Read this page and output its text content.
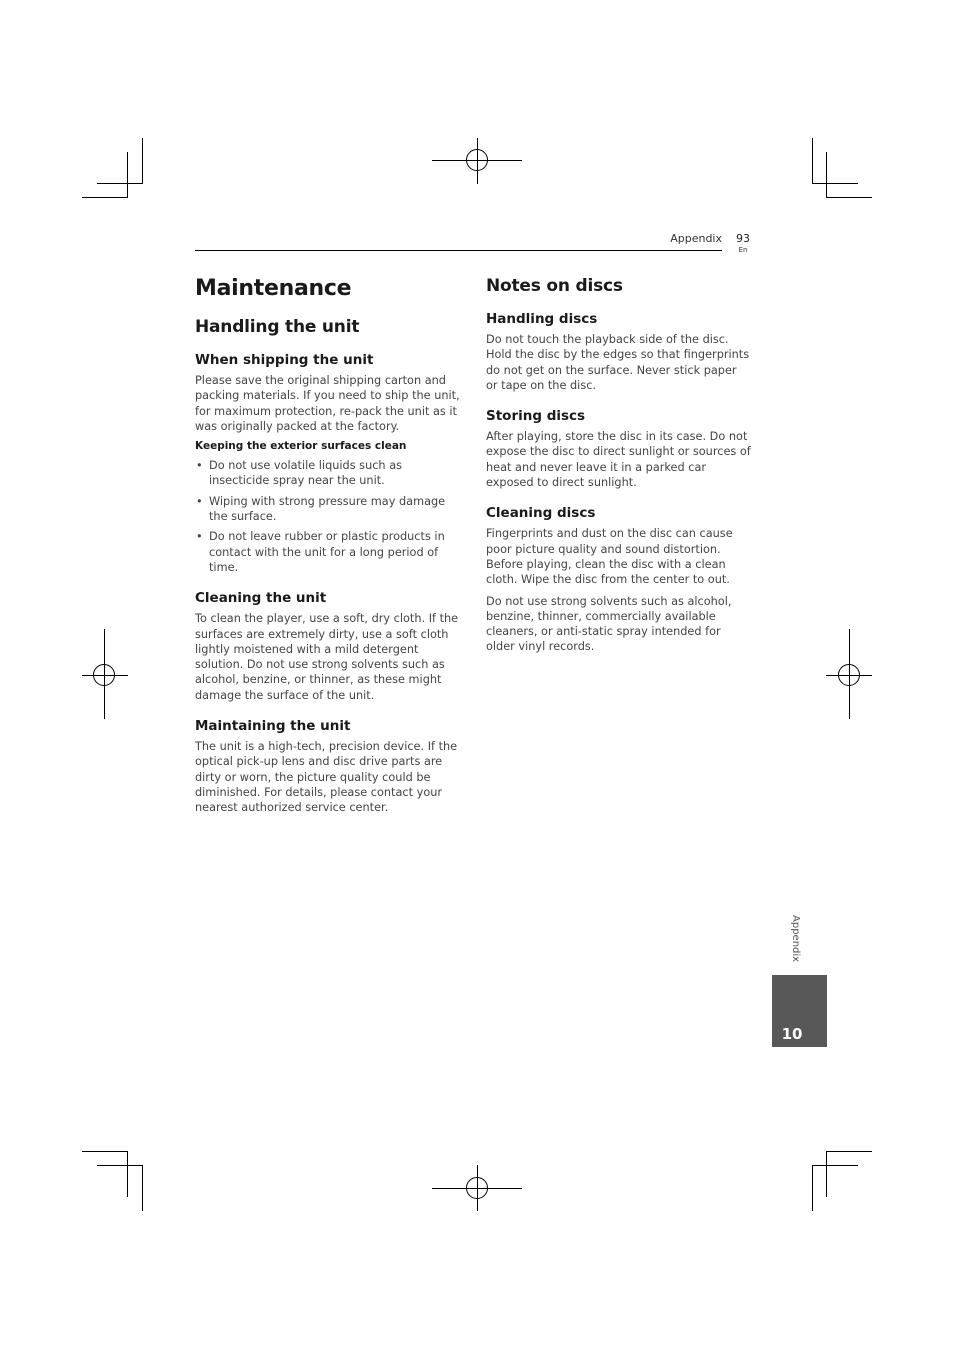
Appendix	93
En
Maintenance
Handling the unit
When shipping the unit

Please save the original shipping carton and packing materials. If you need to ship the unit, for maximum protection, re-pack the unit as it was originally packed at the factory.

Keeping the exterior surfaces clean
• Do not use volatile liquids such as insecticide spray near the unit.
• Wiping with strong pressure may damage the surface.
• Do not leave rubber or plastic products in contact with the unit for a long period of time.
Cleaning the unit

To clean the player, use a soft, dry cloth. If the surfaces are extremely dirty, use a soft cloth lightly moistened with a mild detergent solution. Do not use strong solvents such as alcohol, benzine, or thinner, as these might damage the surface of the unit.

Maintaining the unit

The unit is a high-tech, precision device. If the optical pick-up lens and disc drive parts are dirty or worn, the picture quality could be diminished. For details, please contact your nearest authorized service center.

Notes on discs
Handling discs

Do not touch the playback side of the disc. Hold the disc by the edges so that fingerprints do not get on the surface. Never stick paper or tape on the disc.

Storing discs

After playing, store the disc in its case. Do not expose the disc to direct sunlight or sources of heat and never leave it in a parked car exposed to direct sunlight.

Cleaning discs

Fingerprints and dust on the disc can cause poor picture quality and sound distortion. Before playing, clean the disc with a clean cloth. Wipe the disc from the center to out.

Do not use strong solvents such as alcohol, benzine, thinner, commercially available cleaners, or anti-static spray intended for older vinyl records.

Appendix
10
